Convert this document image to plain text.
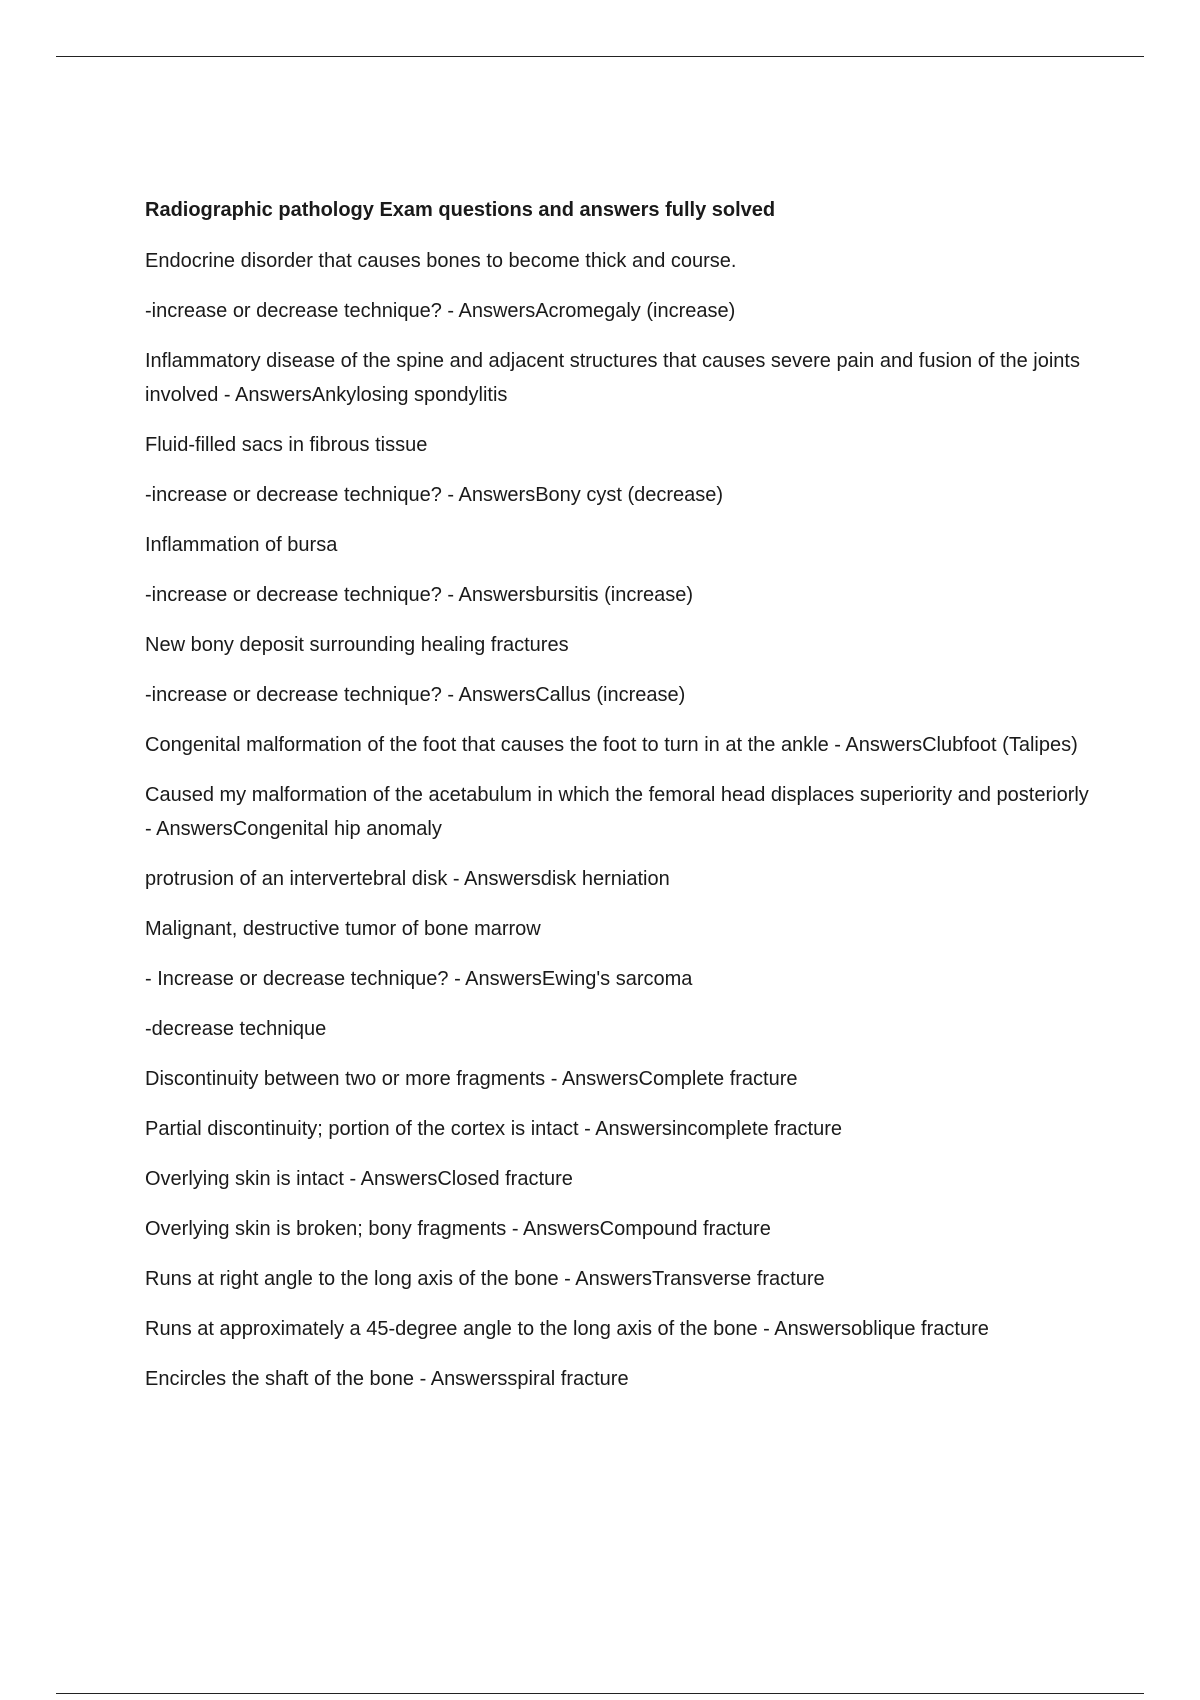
Radiographic pathology Exam questions and answers fully solved

Endocrine disorder that causes bones to become thick and course.

-increase or decrease technique? - AnswersAcromegaly (increase)

Inflammatory disease of the spine and adjacent structures that causes severe pain and fusion of the joints involved - AnswersAnkylosing spondylitis

Fluid-filled sacs in fibrous tissue

-increase or decrease technique? - AnswersBony cyst (decrease)

Inflammation of bursa

-increase or decrease technique? - Answersbursitis (increase)

New bony deposit surrounding healing fractures

-increase or decrease technique? - AnswersCallus (increase)

Congenital malformation of the foot that causes the foot to turn in at the ankle - AnswersClubfoot (Talipes)

Caused my malformation of the acetabulum in which the femoral head displaces superiority and posteriorly - AnswersCongenital hip anomaly

protrusion of an intervertebral disk - Answersdisk herniation

Malignant, destructive tumor of bone marrow

- Increase or decrease technique? - AnswersEwing's sarcoma

-decrease technique

Discontinuity between two or more fragments - AnswersComplete fracture

Partial discontinuity; portion of the cortex is intact - Answersincomplete fracture

Overlying skin is intact - AnswersClosed fracture

Overlying skin is broken; bony fragments - AnswersCompound fracture

Runs at right angle to the long axis of the bone - AnswersTransverse fracture

Runs at approximately a 45-degree angle to the long axis of the bone - Answersoblique fracture

Encircles the shaft of the bone - Answersspiral fracture
